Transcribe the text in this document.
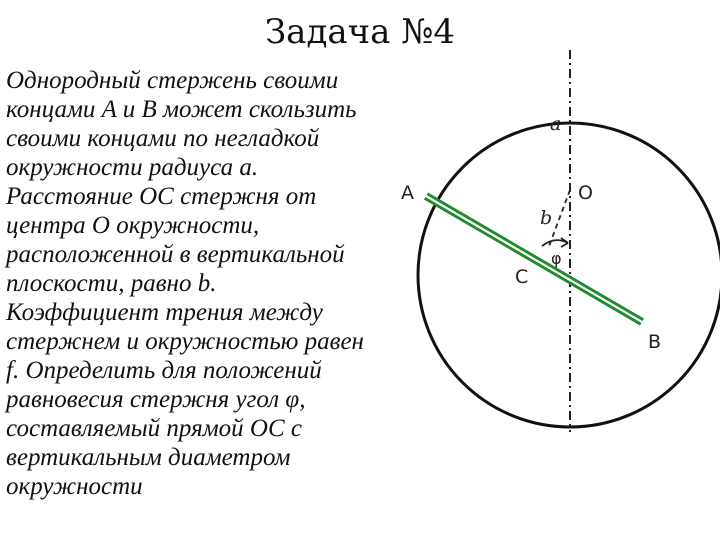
Задача №4
Однородный стержень своими
концами A и B может скользить
своими концами по негладкой
окружности радиуса a.
Расстояние OC стержня от
центра O окружности,
расположенной в вертикальной
плоскости, равно b.
Коэффициент трения между
стержнем и окружностью равен
f. Определить для положений
равновесия стержня угол φ,
составляемый прямой OC с
вертикальным диаметром
окружности
A
B
O
C
a
b
φ
